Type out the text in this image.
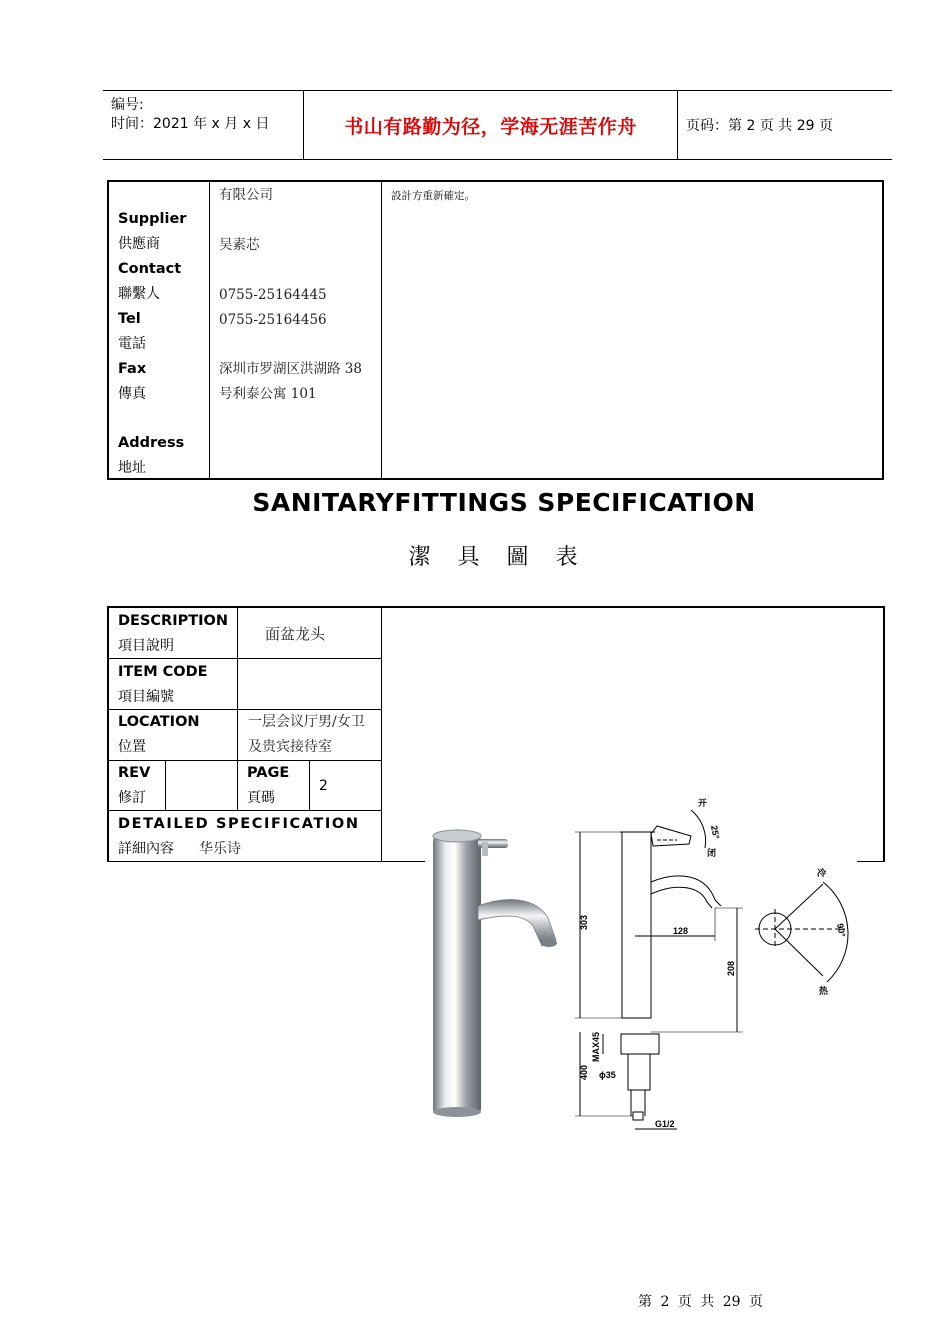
编号:
时间：2021 年 x 月 x 日	书山有路勤为径，学海无涯苦作舟	页码：第 2 页 共 29 页
Supplier
供應商
Contact
聯繫人
Tel
電話
Fax
傳真
Address
地址
有限公司
吴素芯
0755-25164445
0755-25164456
深圳市罗湖区洪湖路 38
号利泰公寓 101
設計方重新確定。
SANITARYFITTINGS SPECIFICATION
潔 具 圖 表
DESCRIPTION
項目說明
面盆龙头
ITEM CODE
項目編號
LOCATION
位置
一层会议厅男/女卫
及贵宾接待室
REV
修訂
PAGE
頁碼
2
DETAILED SPECIFICATION
詳細內容 华乐诗
303
128
208
400
MAX45
ϕ35
G1/2
25°
90°
开
闭
冷
热
第 2 页 共 29 页
